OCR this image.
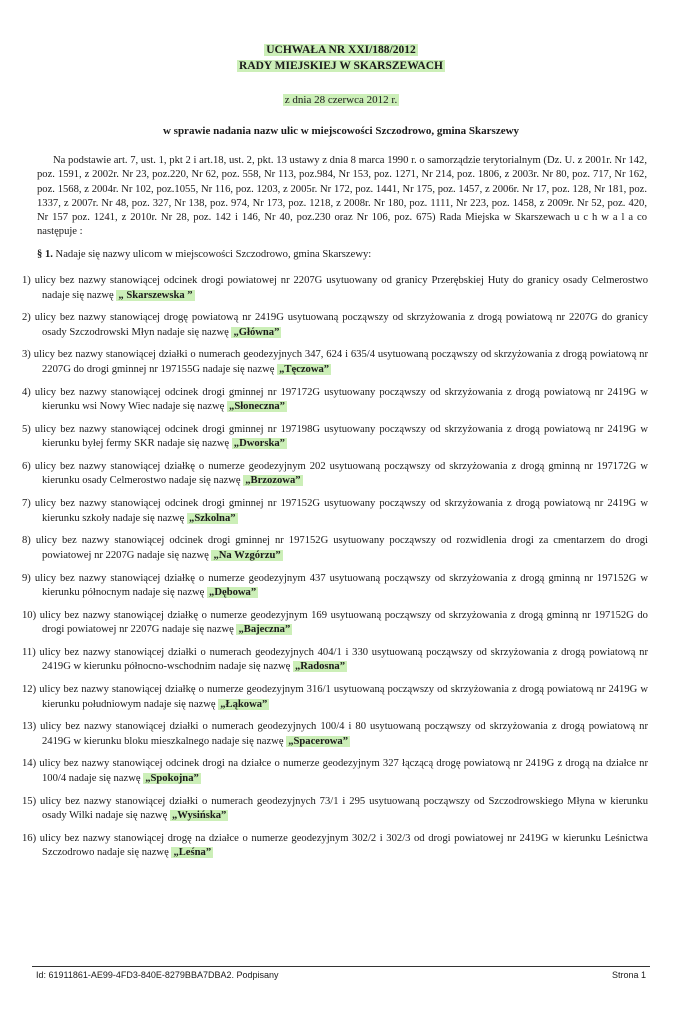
UCHWAŁA NR XXI/188/2012
RADY MIEJSKIEJ W SKARSZEWACH
z dnia 28 czerwca 2012 r.
w sprawie nadania nazw ulic w miejscowości Szczodrowo, gmina Skarszewy
Na podstawie art. 7, ust. 1, pkt 2 i art.18, ust. 2, pkt. 13 ustawy z dnia 8 marca 1990 r. o samorządzie terytorialnym (Dz. U. z 2001r. Nr 142, poz. 1591, z 2002r. Nr 23, poz.220, Nr 62, poz. 558, Nr 113, poz.984, Nr 153, poz. 1271, Nr 214, poz. 1806, z 2003r. Nr 80, poz. 717, Nr 162, poz. 1568, z 2004r. Nr 102, poz.1055, Nr 116, poz. 1203, z 2005r. Nr 172, poz. 1441, Nr 175, poz. 1457, z 2006r. Nr 17, poz. 128, Nr 181, poz. 1337, z 2007r. Nr 48, poz. 327, Nr 138, poz. 974, Nr 173, poz. 1218, z 2008r. Nr 180, poz. 1111, Nr 223, poz. 1458, z 2009r. Nr 52, poz. 420, Nr 157 poz. 1241, z 2010r. Nr 28, poz. 142 i 146, Nr 40, poz.230 oraz Nr 106, poz. 675) Rada Miejska w Skarszewach u c h w a l a co następuje :
§ 1. Nadaje się nazwy ulicom w miejscowości Szczodrowo, gmina Skarszewy:
1) ulicy bez nazwy stanowiącej odcinek drogi powiatowej nr 2207G usytuowany od granicy Przerębskiej Huty do granicy osady Celmerostwo nadaje się nazwę „ Skarszewska ”
2) ulicy bez nazwy stanowiącej drogę powiatową nr 2419G usytuowaną począwszy od skrzyżowania z drogą powiatową nr 2207G do granicy osady Szczodrowski Młyn nadaje się nazwę „Główna”
3) ulicy bez nazwy stanowiącej działki o numerach geodezyjnych 347, 624 i 635/4 usytuowaną począwszy od skrzyżowania z drogą powiatową nr 2207G do drogi gminnej nr 197155G nadaje się nazwę „Tęczowa”
4) ulicy bez nazwy stanowiącej odcinek drogi gminnej nr 197172G usytuowany począwszy od skrzyżowania z drogą powiatową nr 2419G w kierunku wsi Nowy Wiec nadaje się nazwę „Słoneczna”
5) ulicy bez nazwy stanowiącej odcinek drogi gminnej nr 197198G usytuowany począwszy od skrzyżowania z drogą powiatową nr 2419G w kierunku byłej fermy SKR nadaje się nazwę „Dworska”
6) ulicy bez nazwy stanowiącej działkę o numerze geodezyjnym 202 usytuowaną począwszy od skrzyżowania z drogą gminną nr 197172G w kierunku osady Celmerostwo nadaje się nazwę „Brzozowa”
7) ulicy bez nazwy stanowiącej odcinek drogi gminnej nr 197152G usytuowany począwszy od skrzyżowania z drogą powiatową nr 2419G w kierunku szkoły nadaje się nazwę „Szkolna”
8) ulicy bez nazwy stanowiącej odcinek drogi gminnej nr 197152G usytuowany począwszy od rozwidlenia drogi za cmentarzem do drogi powiatowej nr 2207G nadaje się nazwę „Na Wzgórzu”
9) ulicy bez nazwy stanowiącej działkę o numerze geodezyjnym 437 usytuowaną począwszy od skrzyżowania z drogą gminną nr 197152G w kierunku północnym nadaje się nazwę „Dębowa”
10) ulicy bez nazwy stanowiącej działkę o numerze geodezyjnym 169 usytuowaną począwszy od skrzyżowania z drogą gminną nr 197152G do drogi powiatowej nr 2207G nadaje się nazwę „Bajeczna”
11) ulicy bez nazwy stanowiącej działki o numerach geodezyjnych 404/1 i 330 usytuowaną począwszy od skrzyżowania z drogą powiatową nr 2419G w kierunku północno-wschodnim nadaje się nazwę „Radosna”
12) ulicy bez nazwy stanowiącej działkę o numerze geodezyjnym 316/1 usytuowaną począwszy od skrzyżowania z drogą powiatową nr 2419G w kierunku południowym nadaje się nazwę „Łąkowa”
13) ulicy bez nazwy stanowiącej działki o numerach geodezyjnych 100/4 i 80 usytuowaną począwszy od skrzyżowania z drogą powiatową nr 2419G w kierunku bloku mieszkalnego nadaje się nazwę „Spacerowa”
14) ulicy bez nazwy stanowiącej odcinek drogi na działce o numerze geodezyjnym 327 łączącą drogę powiatową nr 2419G z drogą na działce nr 100/4 nadaje się nazwę „Spokojna”
15) ulicy bez nazwy stanowiącej działki o numerach geodezyjnych 73/1 i 295 usytuowaną począwszy od Szczodrowskiego Młyna w kierunku osady Wilki nadaje się nazwę „Wysińska”
16) ulicy bez nazwy stanowiącej drogę na działce o numerze geodezyjnym 302/2 i 302/3 od drogi powiatowej nr 2419G w kierunku Leśnictwa Szczodrowo nadaje się nazwę „Leśna”
Id: 61911861-AE99-4FD3-840E-8279BBA7DBA2. Podpisany	Strona 1
